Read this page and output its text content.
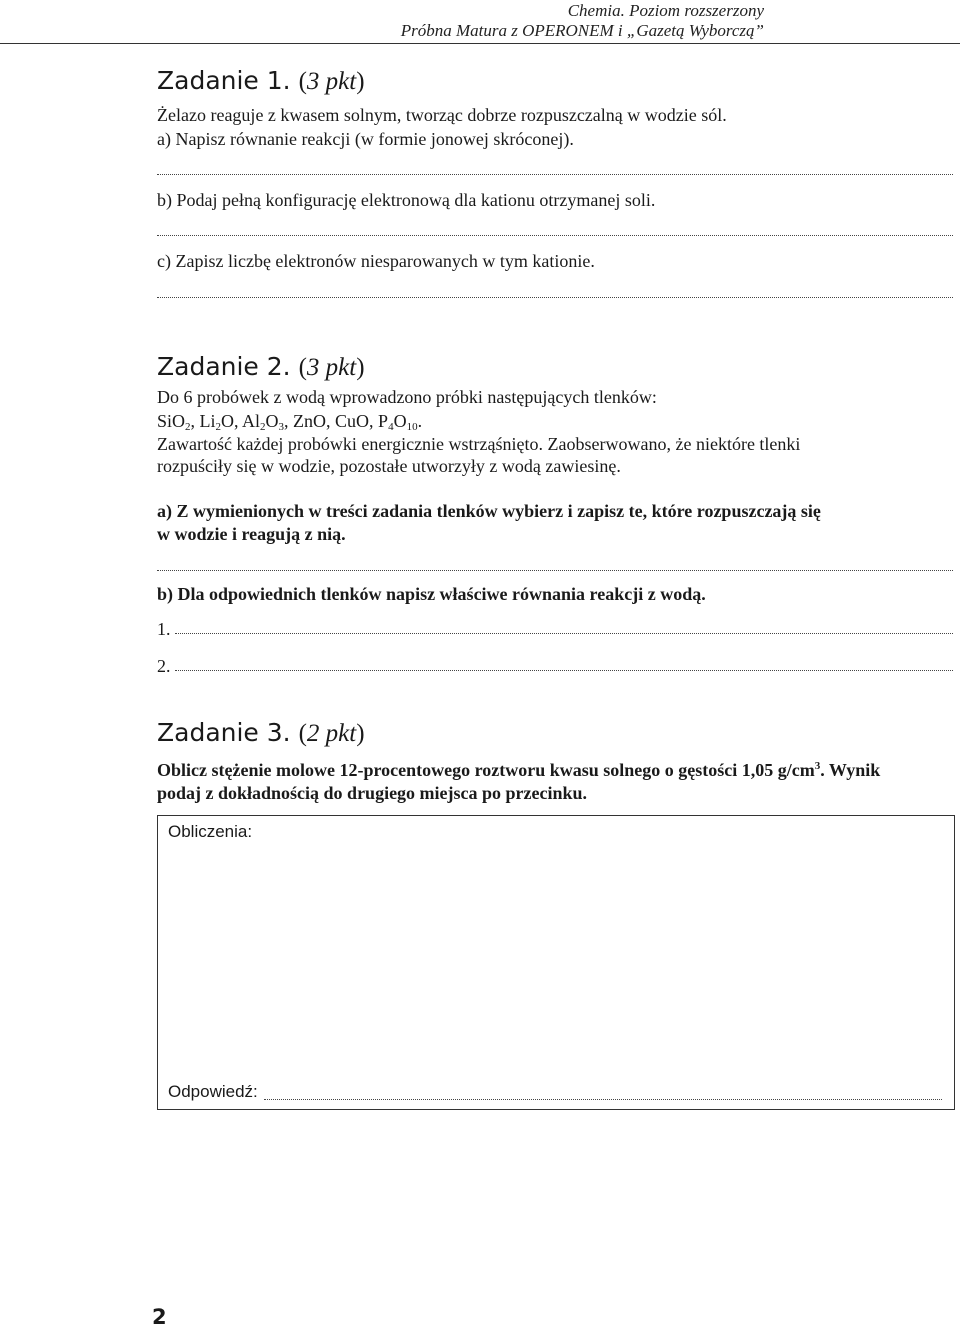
Chemia. Poziom rozszerzony
Próbna Matura z OPERONEM i „Gazetą Wyborczą”
Zadanie 1. (3 pkt)
Żelazo reaguje z kwasem solnym, tworząc dobrze rozpuszczalną w wodzie sól.
a) Napisz równanie reakcji (w formie jonowej skróconej).
b) Podaj pełną konfigurację elektronową dla kationu otrzymanej soli.
c) Zapisz liczbę elektronów niesparowanych w tym kationie.
Zadanie 2. (3 pkt)
Do 6 probówek z wodą wprowadzono próbki następujących tlenków:
SiO$_2$, $Li_2O$, $Al_2O_3$, ZnO, CuO, $P_4O_{10}$.
Zawartość każdej probówki energicznie wstrząśnięto. Zaobserwowano, że niektóre tlenki
rozpuściły się w wodzie, pozostałe utworzyły z wodą zawiesinę.
a) Z wymienionych w treści zadania tlenków wybierz i zapisz te, które rozpuszczają się
w wodzie i reagują z nią.
b) Dla odpowiednich tlenków napisz właściwe równania reakcji z wodą.
1.
2.
Zadanie 3. (2 pkt)
Oblicz stężenie molowe 12-procentowego roztworu kwasu solnego o gęstości 1,05 $g/cm^3$. Wynik
podaj z dokładnością do drugiego miejsca po przecinku.
Obliczenia:
Odpowiedź:
2
